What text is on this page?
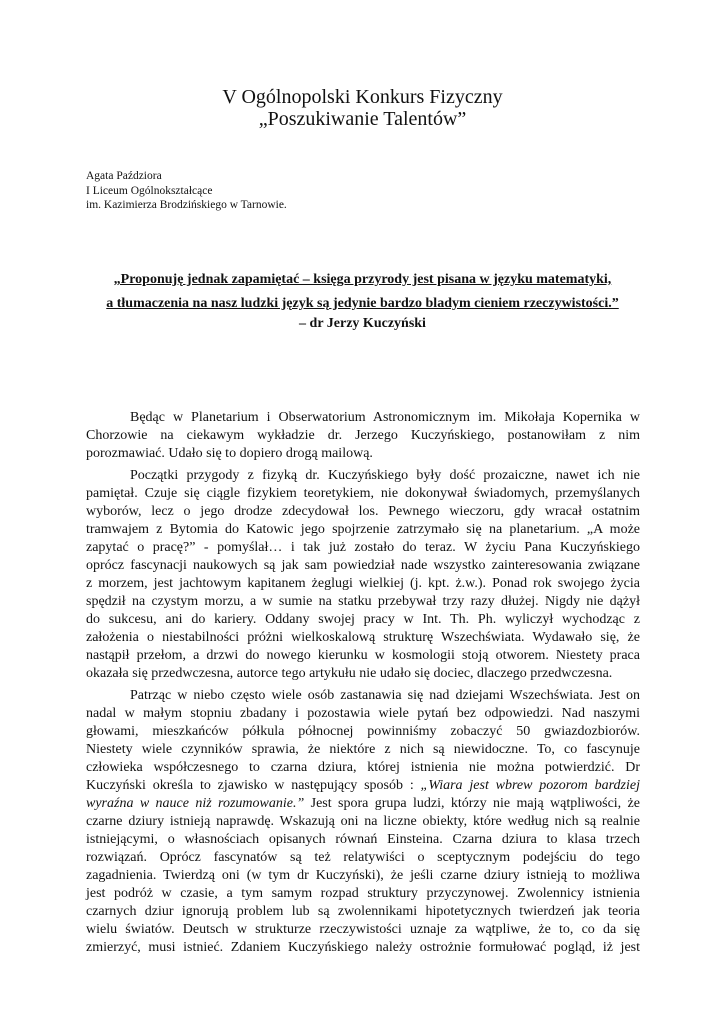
V Ogólnopolski Konkurs Fizyczny
„Poszukiwanie Talentów”
Agata Paździora
I Liceum Ogólnokształcące
im. Kazimierza Brodzińskiego w Tarnowie.
„Proponuję jednak zapamiętać – księga przyrody jest pisana w języku matematyki,
a tłumaczenia na nasz ludzki język są jedynie bardzo bladym cieniem rzeczywistości.”
– dr Jerzy Kuczyński
Będąc w Planetarium i Obserwatorium Astronomicznym im. Mikołaja Kopernika w
Chorzowie na ciekawym wykładzie dr. Jerzego Kuczyńskiego, postanowiłam z nim
porozmawiać. Udało się to dopiero drogą mailową.
Początki przygody z fizyką dr. Kuczyńskiego były dość prozaiczne, nawet ich nie
pamiętał. Czuje się ciągle fizykiem teoretykiem, nie dokonywał świadomych, przemyślanych
wyborów, lecz o jego drodze zdecydował los. Pewnego wieczoru, gdy wracał ostatnim
tramwajem z Bytomia do Katowic jego spojrzenie zatrzymało się na planetarium. „A może
zapytać o pracę?” - pomyślał… i tak już zostało do teraz. W życiu Pana Kuczyńskiego
oprócz fascynacji naukowych są jak sam powiedział nade wszystko zainteresowania związane
z morzem, jest jachtowym kapitanem żeglugi wielkiej (j. kpt. ż.w.). Ponad rok swojego życia
spędził na czystym morzu, a w sumie na statku przebywał trzy razy dłużej. Nigdy nie dążył
do sukcesu, ani do kariery. Oddany swojej pracy w Int. Th. Ph. wyliczył wychodząc z
założenia o niestabilności próżni wielkoskalową strukturę Wszechświata. Wydawało się, że
nastąpił przełom, a drzwi do nowego kierunku w kosmologii stoją otworem. Niestety praca
okazała się przedwczesna, autorce tego artykułu nie udało się dociec, dlaczego przedwczesna.
Patrząc w niebo często wiele osób zastanawia się nad dziejami Wszechświata. Jest on
nadal w małym stopniu zbadany i pozostawia wiele pytań bez odpowiedzi. Nad naszymi
głowami, mieszkańców półkula północnej powinniśmy zobaczyć 50 gwiazdozbiorów.
Niestety wiele czynników sprawia, że niektóre z nich są niewidoczne. To, co fascynuje
człowieka współczesnego to czarna dziura, której istnienia nie można potwierdzić. Dr
Kuczyński określa to zjawisko w następujący sposób : „Wiara jest wbrew pozorom bardziej
wyraźna w nauce niż rozumowanie.” Jest spora grupa ludzi, którzy nie mają wątpliwości, że
czarne dziury istnieją naprawdę. Wskazują oni na liczne obiekty, które według nich są realnie
istniejącymi, o własnościach opisanych równań Einsteina. Czarna dziura to klasa trzech
rozwiązań. Oprócz fascynatów są też relatywiści o sceptycznym podejściu do tego
zagadnienia. Twierdzą oni (w tym dr Kuczyński), że jeśli czarne dziury istnieją to możliwa
jest podróż w czasie, a tym samym rozpad struktury przyczynowej. Zwolennicy istnienia
czarnych dziur ignorują problem lub są zwolennikami hipotetycznych twierdzeń jak teoria
wielu światów. Deutsch w strukturze rzeczywistości uznaje za wątpliwe, że to, co da się
zmierzyć, musi istnieć. Zdaniem Kuczyńskiego należy ostrożnie formułować pogląd, iż jest
